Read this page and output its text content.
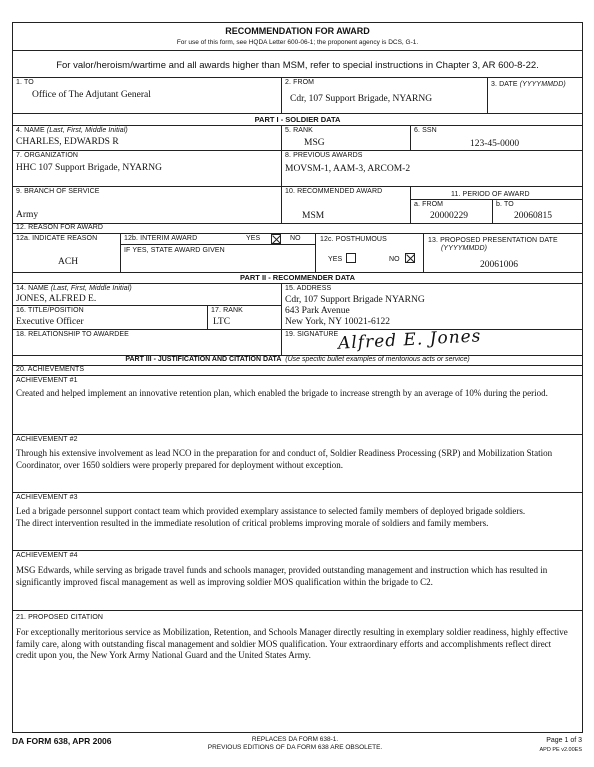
RECOMMENDATION FOR AWARD
For use of this form, see HQDA Letter 600-06-1; the proponent agency is DCS, G-1.
For valor/heroism/wartime and all awards higher than MSM, refer to special instructions in Chapter 3, AR 600-8-22.
1. TO
Office of The Adjutant General
2. FROM
Cdr, 107 Support Brigade, NYARNG
3. DATE (YYYYMMDD)
PART I - SOLDIER DATA
4. NAME (Last, First, Middle Initial)
CHARLES, EDWARDS R
5. RANK
MSG
6. SSN
123-45-0000
7. ORGANIZATION
HHC 107 Support Brigade, NYARNG
8. PREVIOUS AWARDS
MOVSM-1, AAM-3, ARCOM-2
9. BRANCH OF SERVICE
Army
10. RECOMMENDED AWARD
MSM
11. PERIOD OF AWARD
a. FROM
20000229
b. TO
20060815
12. REASON FOR AWARD
12a. INDICATE REASON
ACH
12b. INTERIM AWARD	YES	NO
IF YES, STATE AWARD GIVEN
12c. POSTHUMOUS
YES	NO
13. PROPOSED PRESENTATION DATE
(YYYYMMDD)
20061006
PART II - RECOMMENDER DATA
14. NAME (Last, First, Middle Initial)
JONES, ALFRED E.
15. ADDRESS
Cdr, 107 Support Brigade NYARNG
643 Park Avenue
New York, NY 10021-6122
16. TITLE/POSITION
Executive Officer
17. RANK
LTC
18. RELATIONSHIP TO AWARDEE	19. SIGNATURE Alfred E. Jones
PART III - JUSTIFICATION AND CITATION DATA (Use specific bullet examples of meritorious acts or service)
20. ACHIEVEMENTS
ACHIEVEMENT #1
Created and helped implement an innovative retention plan, which enabled the brigade to increase strength by an average of 10% during the period.
ACHIEVEMENT #2
Through his extensive involvement as lead NCO in the preparation for and conduct of, Soldier Readiness Processing (SRP) and Mobilization Station Coordinator, over 1650 soldiers were properly prepared for deployment without exception.
ACHIEVEMENT #3
Led a brigade personnel support contact team which provided exemplary assistance to selected family members of deployed brigade soldiers. The direct intervention resulted in the immediate resolution of critical problems improving morale of soldiers and family members.
ACHIEVEMENT #4
MSG Edwards, while serving as brigade travel funds and schools manager, provided outstanding management and instruction which has resulted in significantly improved fiscal management as well as improving soldier MOS qualification within the brigade to C2.
21. PROPOSED CITATION
For exceptionally meritorious service as Mobilization, Retention, and Schools Manager directly resulting in exemplary soldier readiness, highly effective family care, along with outstanding fiscal management and soldier MOS qualification. Your extraordinary efforts and accomplishments reflect direct credit upon you, the New York Army National Guard and the United States Army.
DA FORM 638, APR 2006	REPLACES DA FORM 638-1.
PREVIOUS EDITIONS OF DA FORM 638 ARE OBSOLETE.
Page 1 of 3
APD PE v2.00ES
